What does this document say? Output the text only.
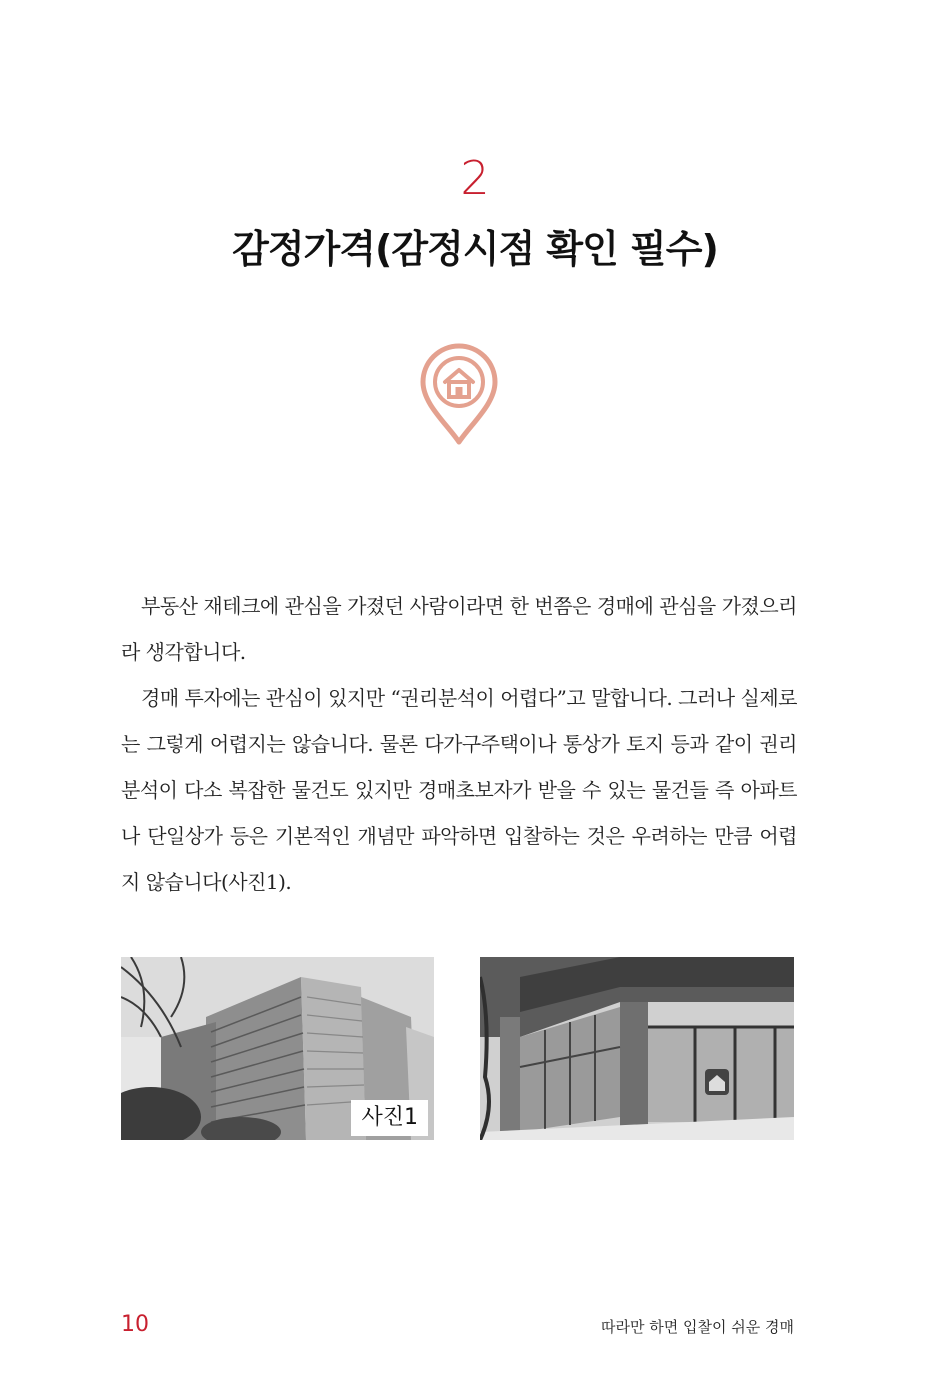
2
감정가격(감정시점 확인 필수)

부동산 재테크에 관심을 가졌던 사람이라면 한 번쯤은 경매에 관심을 가졌으리라 생각합니다.

경매 투자에는 관심이 있지만 “권리분석이 어렵다”고 말합니다. 그러나 실제로는 그렇게 어렵지는 않습니다. 물론 다가구주택이나 통상가 토지 등과 같이 권리분석이 다소 복잡한 물건도 있지만 경매초보자가 받을 수 있는 물건들 즉 아파트나 단일상가 등은 기본적인 개념만 파악하면 입찰하는 것은 우려하는 만큼 어렵지 않습니다(사진1).

사진1
10	따라만 하면 입찰이 쉬운 경매
